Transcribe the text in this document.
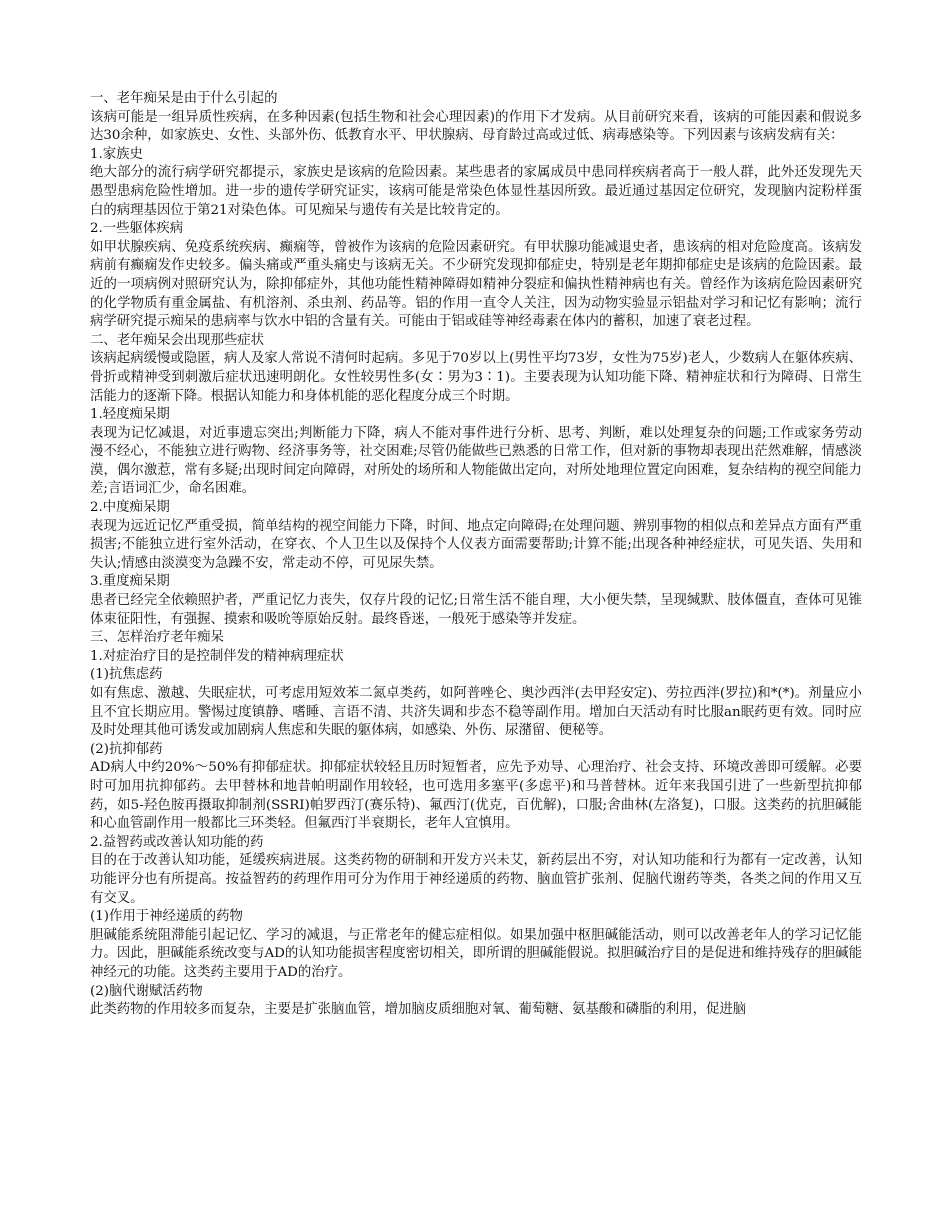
一、老年痴呆是由于什么引起的

该病可能是一组异质性疾病，在多种因素(包括生物和社会心理因素)的作用下才发病。从目前研究来看，该病的可能因素和假说多达30余种，如家族史、女性、头部外伤、低教育水平、甲状腺病、母育龄过高或过低、病毒感染等。下列因素与该病发病有关：

1.家族史

绝大部分的流行病学研究都提示，家族史是该病的危险因素。某些患者的家属成员中患同样疾病者高于一般人群，此外还发现先天愚型患病危险性增加。进一步的遗传学研究证实，该病可能是常染色体显性基因所致。最近通过基因定位研究，发现脑内淀粉样蛋白的病理基因位于第21对染色体。可见痴呆与遗传有关是比较肯定的。

2.一些躯体疾病

如甲状腺疾病、免疫系统疾病、癫痫等，曾被作为该病的危险因素研究。有甲状腺功能减退史者，患该病的相对危险度高。该病发病前有癫痫发作史较多。偏头痛或严重头痛史与该病无关。不少研究发现抑郁症史，特别是老年期抑郁症史是该病的危险因素。最近的一项病例对照研究认为，除抑郁症外，其他功能性精神障碍如精神分裂症和偏执性精神病也有关。曾经作为该病危险因素研究的化学物质有重金属盐、有机溶剂、杀虫剂、药品等。铝的作用一直令人关注，因为动物实验显示铝盐对学习和记忆有影响；流行病学研究提示痴呆的患病率与饮水中铝的含量有关。可能由于铝或硅等神经毒素在体内的蓄积，加速了衰老过程。

二、老年痴呆会出现那些症状

该病起病缓慢或隐匿，病人及家人常说不清何时起病。多见于70岁以上(男性平均73岁，女性为75岁)老人，少数病人在躯体疾病、骨折或精神受到刺激后症状迅速明朗化。女性较男性多(女∶男为3∶1)。主要表现为认知功能下降、精神症状和行为障碍、日常生活能力的逐渐下降。根据认知能力和身体机能的恶化程度分成三个时期。

1.轻度痴呆期

表现为记忆减退，对近事遗忘突出;判断能力下降，病人不能对事件进行分析、思考、判断，难以处理复杂的问题;工作或家务劳动漫不经心，不能独立进行购物、经济事务等，社交困难;尽管仍能做些已熟悉的日常工作，但对新的事物却表现出茫然难解，情感淡漠，偶尔激惹，常有多疑;出现时间定向障碍，对所处的场所和人物能做出定向，对所处地理位置定向困难，复杂结构的视空间能力差;言语词汇少，命名困难。

2.中度痴呆期

表现为远近记忆严重受损，简单结构的视空间能力下降，时间、地点定向障碍;在处理问题、辨别事物的相似点和差异点方面有严重损害;不能独立进行室外活动，在穿衣、个人卫生以及保持个人仪表方面需要帮助;计算不能;出现各种神经症状，可见失语、失用和失认;情感由淡漠变为急躁不安，常走动不停，可见尿失禁。

3.重度痴呆期

患者已经完全依赖照护者，严重记忆力丧失，仅存片段的记忆;日常生活不能自理，大小便失禁，呈现缄默、肢体僵直，查体可见锥体束征阳性，有强握、摸索和吸吮等原始反射。最终昏迷，一般死于感染等并发症。

三、怎样治疗老年痴呆

1.对症治疗目的是控制伴发的精神病理症状

(1)抗焦虑药

如有焦虑、激越、失眠症状，可考虑用短效苯二氮卓类药，如阿普唑仑、奥沙西泮(去甲羟安定)、劳拉西泮(罗拉)和*(*)。剂量应小且不宜长期应用。警惕过度镇静、嗜睡、言语不清、共济失调和步态不稳等副作用。增加白天活动有时比服an眠药更有效。同时应及时处理其他可诱发或加剧病人焦虑和失眠的躯体病，如感染、外伤、尿潴留、便秘等。

(2)抗抑郁药

AD病人中约20%～50%有抑郁症状。抑郁症状较轻且历时短暂者，应先予劝导、心理治疗、社会支持、环境改善即可缓解。必要时可加用抗抑郁药。去甲替林和地昔帕明副作用较轻，也可选用多塞平(多虑平)和马普替林。近年来我国引进了一些新型抗抑郁药，如5-羟色胺再摄取抑制剂(SSRI)帕罗西汀(赛乐特)、氟西汀(优克，百优解)，口服;舍曲林(左洛复)，口服。这类药的抗胆碱能和心血管副作用一般都比三环类轻。但氟西汀半衰期长，老年人宜慎用。

2.益智药或改善认知功能的药

目的在于改善认知功能，延缓疾病进展。这类药物的研制和开发方兴未艾，新药层出不穷，对认知功能和行为都有一定改善，认知功能评分也有所提高。按益智药的药理作用可分为作用于神经递质的药物、脑血管扩张剂、促脑代谢药等类，各类之间的作用又互有交叉。

(1)作用于神经递质的药物

胆碱能系统阻滞能引起记忆、学习的减退，与正常老年的健忘症相似。如果加强中枢胆碱能活动，则可以改善老年人的学习记忆能力。因此，胆碱能系统改变与AD的认知功能损害程度密切相关，即所谓的胆碱能假说。拟胆碱治疗目的是促进和维持残存的胆碱能神经元的功能。这类药主要用于AD的治疗。

(2)脑代谢赋活药物

此类药物的作用较多而复杂，主要是扩张脑血管，增加脑皮质细胞对氧、葡萄糖、氨基酸和磷脂的利用，促进脑
